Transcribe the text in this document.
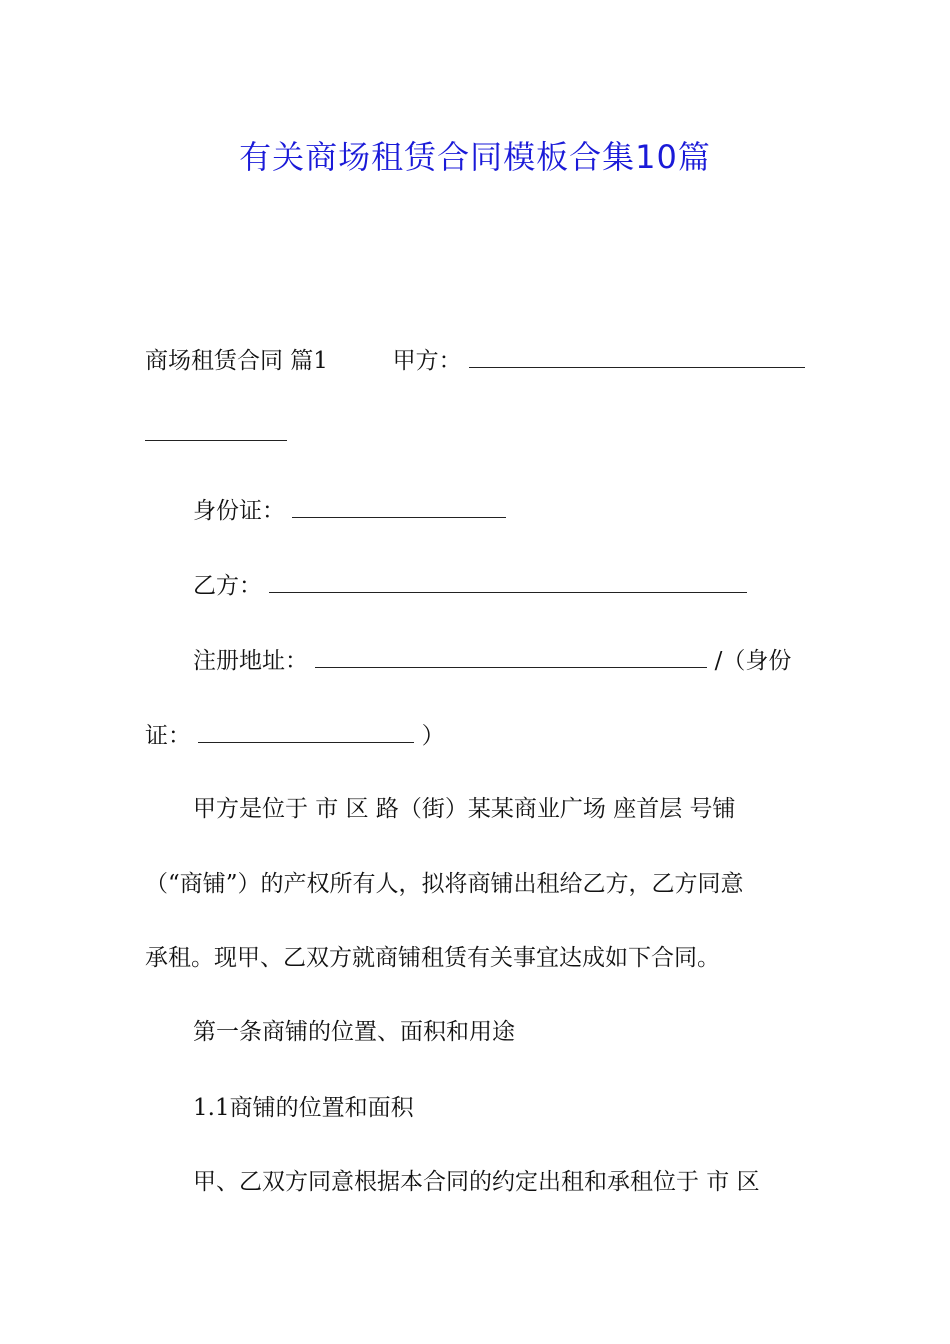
有关商场租赁合同模板合集10篇
商场租赁合同 篇1	甲方：
身份证：
乙方：
注册地址：	/（身份
证：	）
甲方是位于 市 区 路（街）某某商业广场 座首层 号铺
（“商铺”）的产权所有人，拟将商铺出租给乙方，乙方同意
承租。现甲、乙双方就商铺租赁有关事宜达成如下合同。
第一条商铺的位置、面积和用途
1.1商铺的位置和面积
甲、乙双方同意根据本合同的约定出租和承租位于 市 区
